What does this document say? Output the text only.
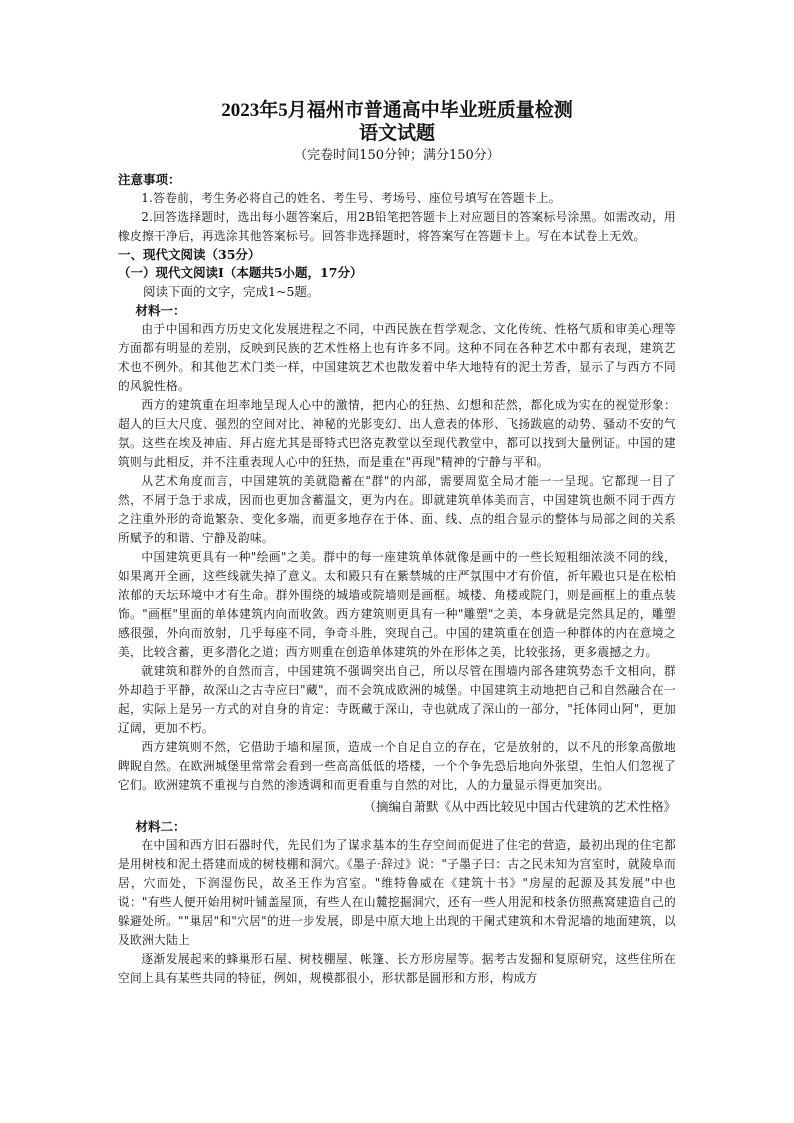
2023年5月福州市普通高中毕业班质量检测
语文试题

（完卷时间150分钟；满分150分）

注意事项：

1.答卷前，考生务必将自己的姓名、考生号、考场号、座位号填写在答题卡上。

2.回答选择题时，选出每小题答案后，用2B铅笔把答题卡上对应题目的答案标号涂黑。如需改动，用橡皮擦干净后，再选涂其他答案标号。回答非选择题时，将答案写在答题卡上。写在本试卷上无效。

一、现代文阅读（35分）

（一）现代文阅读Ⅰ（本题共5小题，17分）

阅读下面的文字，完成1~5题。

材料一：

由于中国和西方历史文化发展进程之不同，中西民族在哲学观念、文化传统、性格气质和审美心理等方面都有明显的差别，反映到民族的艺术性格上也有许多不同。这种不同在各种艺术中都有表现，建筑艺术也不例外。和其他艺术门类一样，中国建筑艺术也散发着中华大地特有的泥土芳香，显示了与西方不同的风貌性格。

西方的建筑重在坦率地呈现人心中的激情，把内心的狂热、幻想和茫然，都化成为实在的视觉形象：超人的巨大尺度、强烈的空间对比、神秘的光影变幻、出人意表的体形、飞扬跋扈的动势、骚动不安的气氛。这些在埃及神庙、拜占庭尤其是哥特式巴洛克教堂以至现代教堂中，都可以找到大量例证。中国的建筑则与此相反，并不注重表现人心中的狂热，而是重在"再现"精神的宁静与平和。

从艺术角度而言，中国建筑的美就隐蓄在"群"的内部，需要周览全局才能一一呈现。它都现一目了然，不屑于急于求成，因而也更加含蓄温文，更为内在。即就建筑单体美而言，中国建筑也颇不同于西方之注重外形的奇诡繁杂、变化多端，而更多地存在于体、面、线、点的组合显示的整体与局部之间的关系所赋予的和谐、宁静及韵味。

中国建筑更具有一种"绘画"之美。群中的每一座建筑单体就像是画中的一些长短粗细浓淡不同的线，如果离开全画，这些线就失掉了意义。太和殿只有在紫禁城的庄严氛围中才有价值，祈年殿也只是在松柏浓郁的天坛环境中才有生命。群外围绕的城墙或院墙则是画框。城楼、角楼或院门，则是画框上的重点装饰。"画框"里面的单体建筑内向而收敛。西方建筑则更具有一种"雕塑"之美，本身就是完然具足的，雕塑感很强，外向而放射，几乎每座不同，争奇斗胜，突现自己。中国的建筑重在创造一种群体的内在意境之美，比较含蓄，更多潜化之道；西方则重在创造单体建筑的外在形体之美，比较张扬，更多震撼之力。

就建筑和群外的自然而言，中国建筑不强调突出自己，所以尽管在围墙内部各建筑势态千文相向，群外却趋于平静，故深山之古寺应曰"藏"，而不会筑成欧洲的城堡。中国建筑主动地把自己和自然融合在一起，实际上是另一方式的对自身的肯定：寺既藏于深山，寺也就成了深山的一部分，"托体同山阿"，更加辽阔，更加不朽。

西方建筑则不然，它借助于墙和屋顶，造成一个自足自立的存在，它是放射的，以不凡的形象高傲地睥睨自然。在欧洲城堡里常常会看到一些高高低低的塔楼，一个个争先恐后地向外张望，生怕人们忽视了它们。欧洲建筑不重视与自然的渗透调和而更看重与自然的对比，人的力量显示得更加突出。

（摘编自萧默《从中西比较见中国古代建筑的艺术性格》

材料二：

在中国和西方旧石器时代，先民们为了谋求基本的生存空间而促进了住宅的营造，最初出现的住宅都是用树枝和泥土搭建而成的树枝棚和洞穴。《墨子·辞过》说："子墨子曰：古之民未知为宫室时，就陵阜而居，穴而处，下润湿伤民，故圣王作为宫室。"维特鲁威在《建筑十书》"房屋的起源及其发展"中也说："有些人便开始用树叶铺盖屋顶，有些人在山麓挖掘洞穴，还有一些人用泥和枝条仿照燕窝建造自己的躲避处所。""巢居"和"穴居"的进一步发展，即是中原大地上出现的干阑式建筑和木骨泥墙的地面建筑，以及欧洲大陆上

逐渐发展起来的蜂巢形石屋、树枝棚屋、帐篷、长方形房屋等。据考古发掘和复原研究，这些住所在空间上具有某些共同的特征，例如，规模都很小，形状都是圆形和方形，构成方
